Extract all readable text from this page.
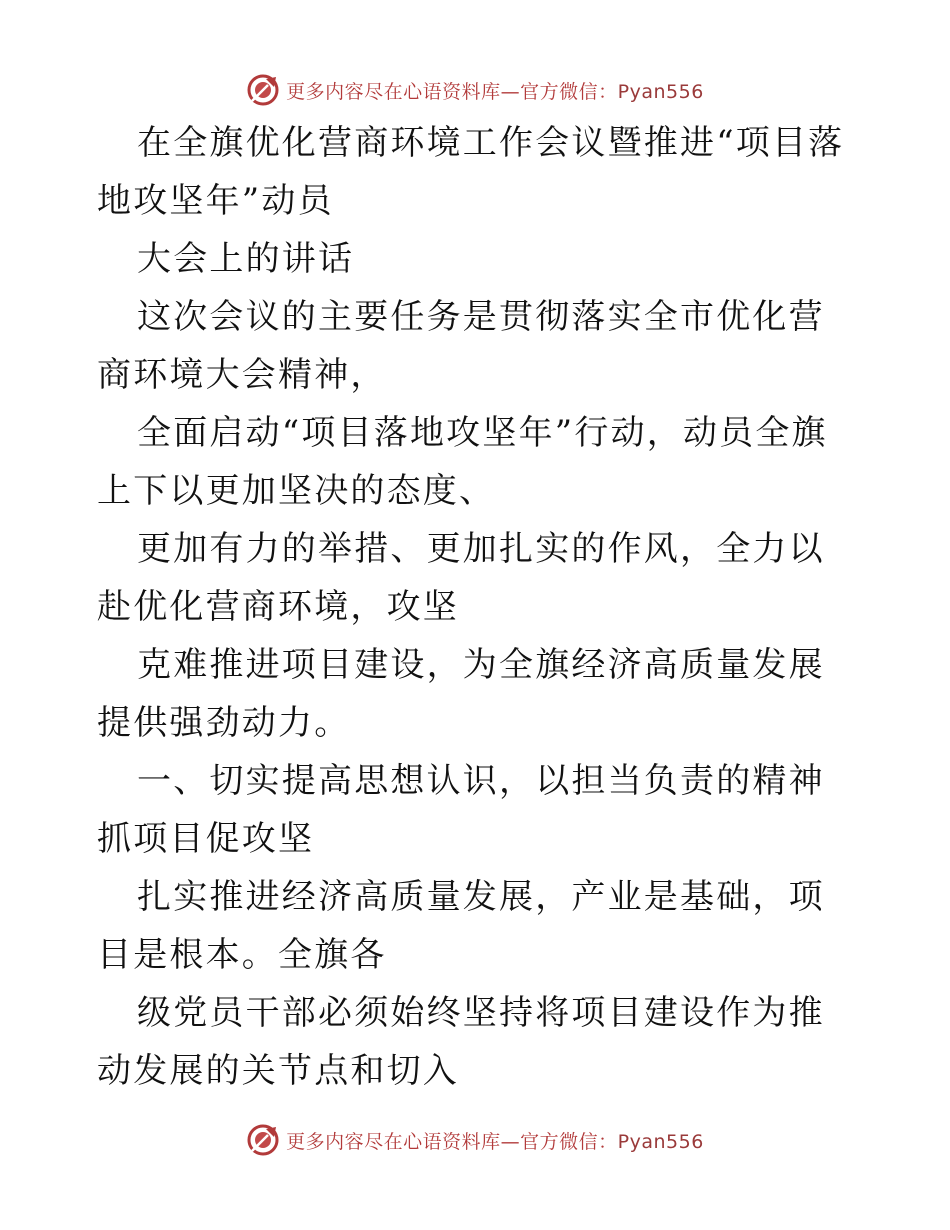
更多内容尽在心语资料库—官方微信：Pyan556

在全旗优化营商环境工作会议暨推进“项目落地攻坚年”动员

大会上的讲话

这次会议的主要任务是贯彻落实全市优化营商环境大会精神，

全面启动“项目落地攻坚年”行动，动员全旗上下以更加坚决的态度、

更加有力的举措、更加扎实的作风，全力以赴优化营商环境，攻坚

克难推进项目建设，为全旗经济高质量发展提供强劲动力。

一、切实提高思想认识，以担当负责的精神抓项目促攻坚

扎实推进经济高质量发展，产业是基础，项目是根本。全旗各

级党员干部必须始终坚持将项目建设作为推动发展的关节点和切入

更多内容尽在心语资料库—官方微信：Pyan556
